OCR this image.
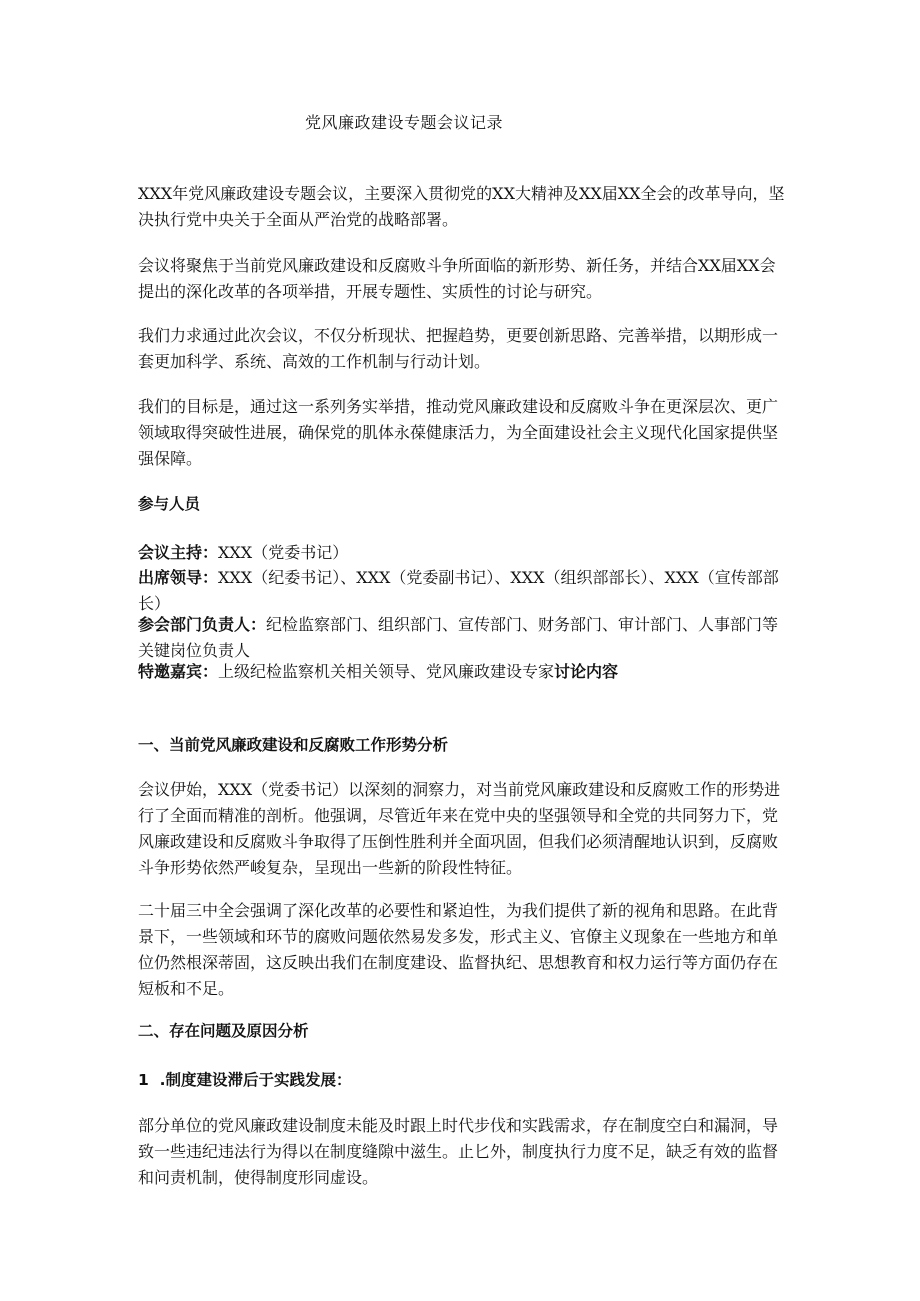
党风廉政建设专题会议记录

XXX年党风廉政建设专题会议，主要深入贯彻党的XX大精神及XX届XX全会的改革导向，坚决执行党中央关于全面从严治党的战略部署。

会议将聚焦于当前党风廉政建设和反腐败斗争所面临的新形势、新任务，并结合XX届XX会提出的深化改革的各项举措，开展专题性、实质性的讨论与研究。

我们力求通过此次会议，不仅分析现状、把握趋势，更要创新思路、完善举措，以期形成一套更加科学、系统、高效的工作机制与行动计划。

我们的目标是，通过这一系列务实举措，推动党风廉政建设和反腐败斗争在更深层次、更广领域取得突破性进展，确保党的肌体永葆健康活力，为全面建设社会主义现代化国家提供坚强保障。

参与人员

会议主持：XXX（党委书记）

出席领导：XXX（纪委书记）、XXX（党委副书记）、XXX（组织部部长）、XXX（宣传部部长）

参会部门负责人：纪检监察部门、组织部门、宣传部门、财务部门、审计部门、人事部门等关键岗位负责人

特邀嘉宾：上级纪检监察机关相关领导、党风廉政建设专家讨论内容

一、当前党风廉政建设和反腐败工作形势分析

会议伊始，XXX（党委书记）以深刻的洞察力，对当前党风廉政建设和反腐败工作的形势进行了全面而精准的剖析。他强调，尽管近年来在党中央的坚强领导和全党的共同努力下，党风廉政建设和反腐败斗争取得了压倒性胜利并全面巩固，但我们必须清醒地认识到，反腐败斗争形势依然严峻复杂，呈现出一些新的阶段性特征。

二十届三中全会强调了深化改革的必要性和紧迫性，为我们提供了新的视角和思路。在此背景下，一些领域和环节的腐败问题依然易发多发，形式主义、官僚主义现象在一些地方和单位仍然根深蒂固，这反映出我们在制度建设、监督执纪、思想教育和权力运行等方面仍存在短板和不足。

二、存在问题及原因分析

1  .制度建设滞后于实践发展：

部分单位的党风廉政建设制度未能及时跟上时代步伐和实践需求，存在制度空白和漏洞，导致一些违纪违法行为得以在制度缝隙中滋生。止匕外，制度执行力度不足，缺乏有效的监督和问责机制，使得制度形同虚设。
